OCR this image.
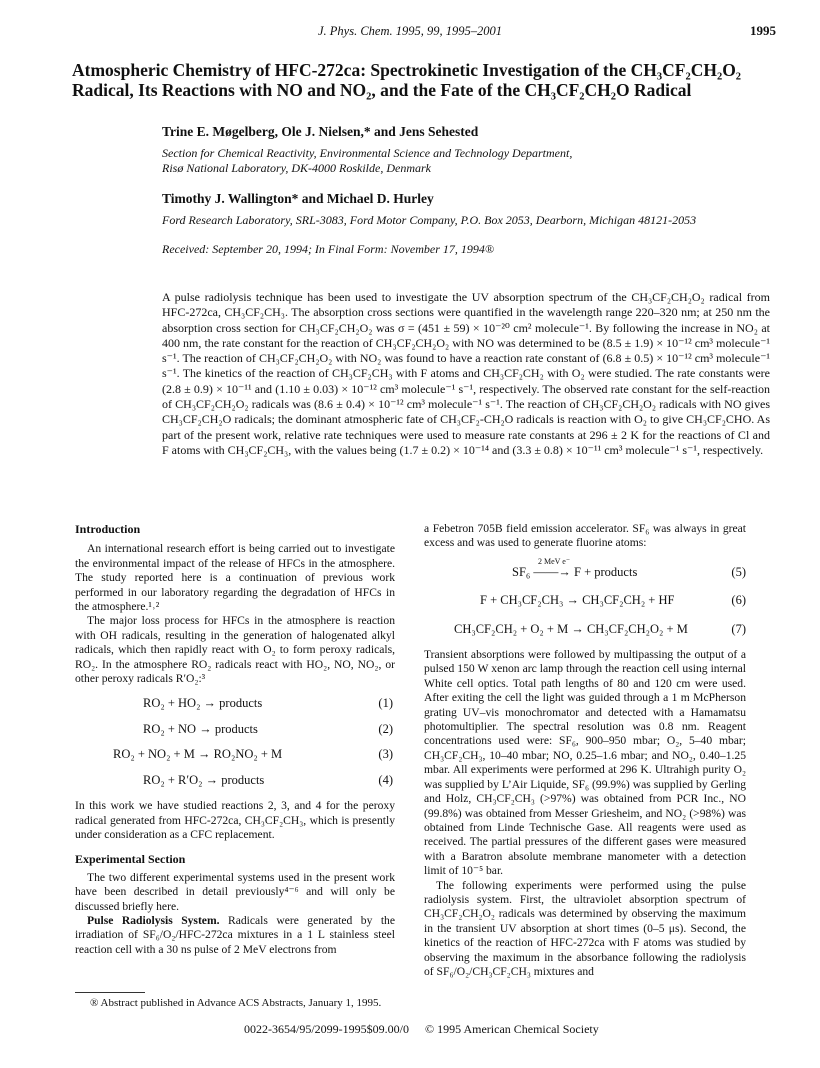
J. Phys. Chem. 1995, 99, 1995–2001	1995
Atmospheric Chemistry of HFC-272ca: Spectrokinetic Investigation of the CH₃CF₂CH₂O₂ Radical, Its Reactions with NO and NO₂, and the Fate of the CH₃CF₂CH₂O Radical
Trine E. Møgelberg, Ole J. Nielsen,* and Jens Sehested
Section for Chemical Reactivity, Environmental Science and Technology Department,
Risø National Laboratory, DK-4000 Roskilde, Denmark
Timothy J. Wallington* and Michael D. Hurley
Ford Research Laboratory, SRL-3083, Ford Motor Company, P.O. Box 2053, Dearborn, Michigan 48121-2053
Received: September 20, 1994; In Final Form: November 17, 1994®
A pulse radiolysis technique has been used to investigate the UV absorption spectrum of the CH₃CF₂CH₂O₂ radical from HFC-272ca, CH₃CF₂CH₃. The absorption cross sections were quantified in the wavelength range 220–320 nm; at 250 nm the absorption cross section for CH₃CF₂CH₂O₂ was σ = (451 ± 59) × 10⁻²⁰ cm² molecule⁻¹. By following the increase in NO₂ at 400 nm, the rate constant for the reaction of CH₃CF₂CH₂O₂ with NO was determined to be (8.5 ± 1.9) × 10⁻¹² cm³ molecule⁻¹ s⁻¹. The reaction of CH₃CF₂CH₂O₂ with NO₂ was found to have a reaction rate constant of (6.8 ± 0.5) × 10⁻¹² cm³ molecule⁻¹ s⁻¹. The kinetics of the reaction of CH₃CF₂CH₃ with F atoms and CH₃CF₂CH₂ with O₂ were studied. The rate constants were (2.8 ± 0.9) × 10⁻¹¹ and (1.10 ± 0.03) × 10⁻¹² cm³ molecule⁻¹ s⁻¹, respectively. The observed rate constant for the self-reaction of CH₃CF₂CH₂O₂ radicals was (8.6 ± 0.4) × 10⁻¹² cm³ molecule⁻¹ s⁻¹. The reaction of CH₃CF₂CH₂O₂ radicals with NO gives CH₃CF₂CH₂O radicals; the dominant atmospheric fate of CH₃CF₂-CH₂O radicals is reaction with O₂ to give CH₃CF₂CHO. As part of the present work, relative rate techniques were used to measure rate constants at 296 ± 2 K for the reactions of Cl and F atoms with CH₃CF₂CH₃, with the values being (1.7 ± 0.2) × 10⁻¹⁴ and (3.3 ± 0.8) × 10⁻¹¹ cm³ molecule⁻¹ s⁻¹, respectively.
Introduction

An international research effort is being carried out to investigate the environmental impact of the release of HFCs in the atmosphere. The study reported here is a continuation of previous work performed in our laboratory regarding the degradation of HFCs in the atmosphere.¹˒²

The major loss process for HFCs in the atmosphere is reaction with OH radicals, resulting in the generation of halogenated alkyl radicals, which then rapidly react with O₂ to form peroxy radicals, RO₂. In the atmosphere RO₂ radicals react with HO₂, NO, NO₂, or other peroxy radicals R′O₂:³

RO₂ + HO₂ → products	(1)
RO₂ + NO → products	(2)
RO₂ + NO₂ + M → RO₂NO₂ + M	(3)
RO₂ + R′O₂ → products	(4)

In this work we have studied reactions 2, 3, and 4 for the peroxy radical generated from HFC-272ca, CH₃CF₂CH₃, which is presently under consideration as a CFC replacement.

Experimental Section

The two different experimental systems used in the present work have been described in detail previously⁴⁻⁶ and will only be discussed briefly here.

Pulse Radiolysis System. Radicals were generated by the irradiation of SF₆/O₂/HFC-272ca mixtures in a 1 L stainless steel reaction cell with a 30 ns pulse of 2 MeV electrons from

a Febetron 705B field emission accelerator. SF₆ was always in great excess and was used to generate fluorine atoms:

2 MeV e⁻
SF₆ ——→ F + products	(5)
F + CH₃CF₂CH₃ → CH₃CF₂CH₂ + HF	(6)
CH₃CF₂CH₂ + O₂ + M → CH₃CF₂CH₂O₂ + M	(7)

Transient absorptions were followed by multipassing the output of a pulsed 150 W xenon arc lamp through the reaction cell using internal White cell optics. Total path lengths of 80 and 120 cm were used. After exiting the cell the light was guided through a 1 m McPherson grating UV–vis monochromator and detected with a Hamamatsu photomultiplier. The spectral resolution was 0.8 nm. Reagent concentrations used were: SF₆, 900–950 mbar; O₂, 5–40 mbar; CH₃CF₂CH₃, 10–40 mbar; NO, 0.25–1.6 mbar; and NO₂, 0.40–1.25 mbar. All experiments were performed at 296 K. Ultrahigh purity O₂ was supplied by L’Air Liquide, SF₆ (99.9%) was supplied by Gerling and Holz, CH₃CF₂CH₃ (>97%) was obtained from PCR Inc., NO (99.8%) was obtained from Messer Griesheim, and NO₂ (>98%) was obtained from Linde Technische Gase. All reagents were used as received. The partial pressures of the different gases were measured with a Baratron absolute membrane manometer with a detection limit of 10⁻⁵ bar.

The following experiments were performed using the pulse radiolysis system. First, the ultraviolet absorption spectrum of CH₃CF₂CH₂O₂ radicals was determined by observing the maximum in the transient UV absorption at short times (0–5 μs). Second, the kinetics of the reaction of HFC-272ca with F atoms was studied by observing the maximum in the absorbance following the radiolysis of SF₆/O₂/CH₃CF₂CH₃ mixtures and

® Abstract published in Advance ACS Abstracts, January 1, 1995.
0022-3654/95/2099-1995$09.00/0 © 1995 American Chemical Society
